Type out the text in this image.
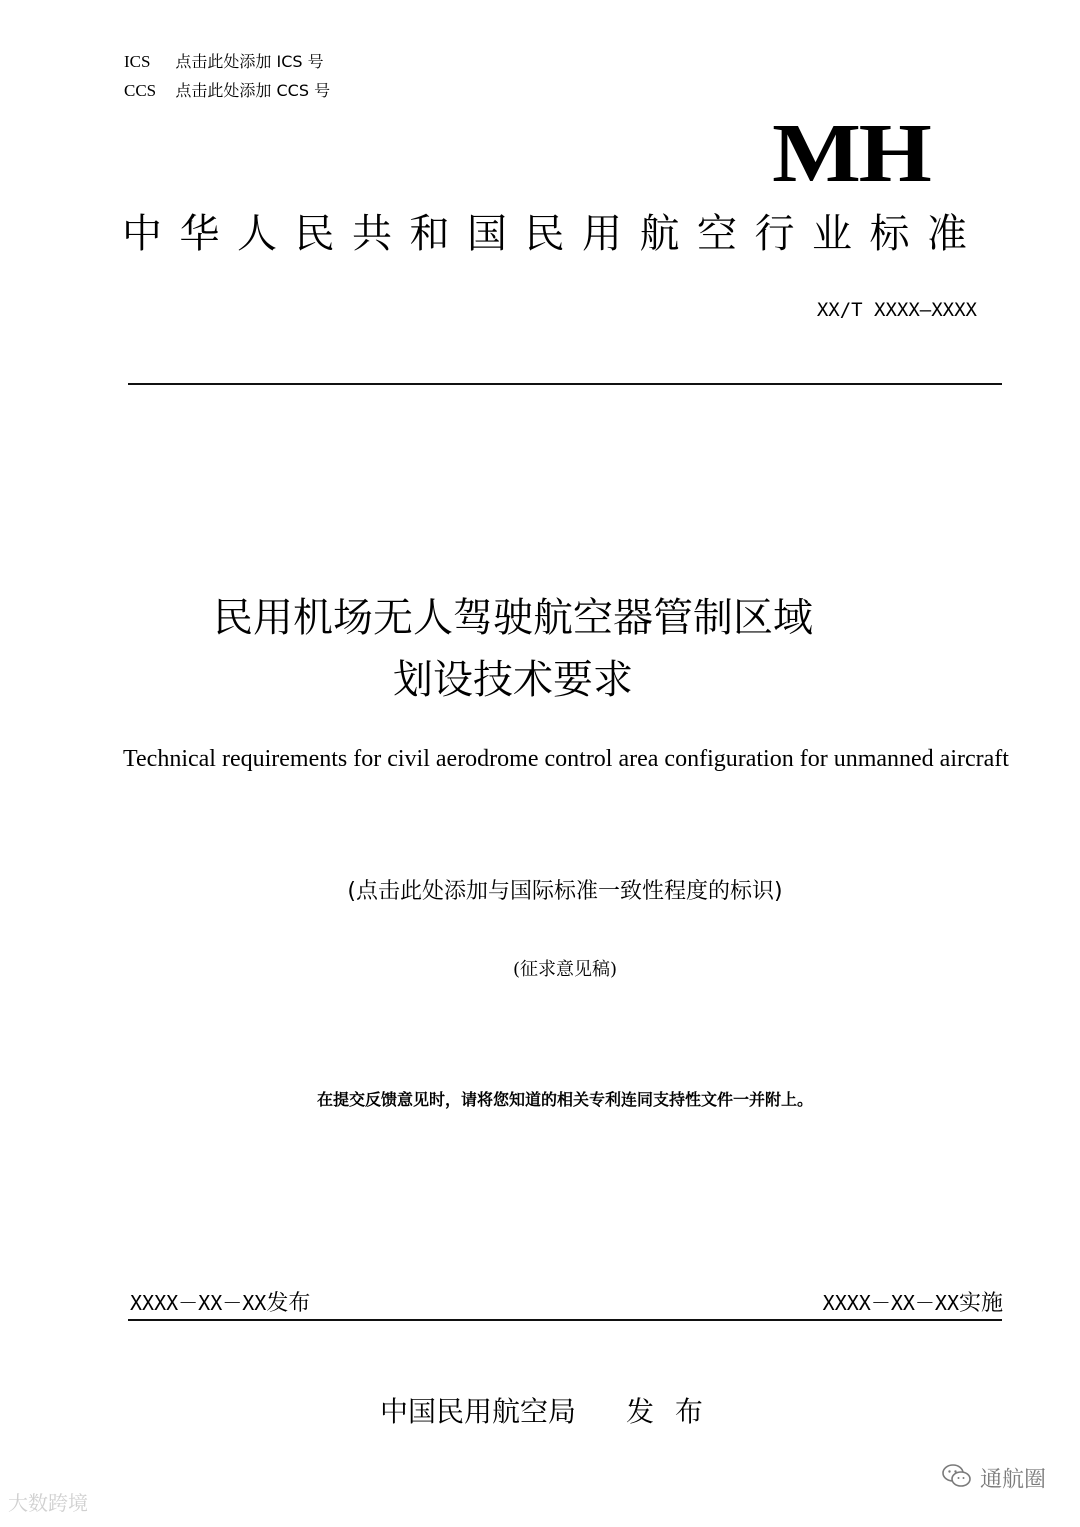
ICS 点击此处添加 ICS 号
CCS 点击此处添加 CCS 号
MH
中华人民共和国民用航空行业标准
XX/T XXXX—XXXX
民用机场无人驾驶航空器管制区域
划设技术要求
Technical requirements for civil aerodrome control area configuration for unmanned aircraft
(点击此处添加与国际标准一致性程度的标识)
(征求意见稿)
在提交反馈意见时，请将您知道的相关专利连同支持性文件一并附上。
XXXX－XX－XX发布	XXXX－XX－XX实施
中国民用航空局 发 布
通航圈
大数跨境
